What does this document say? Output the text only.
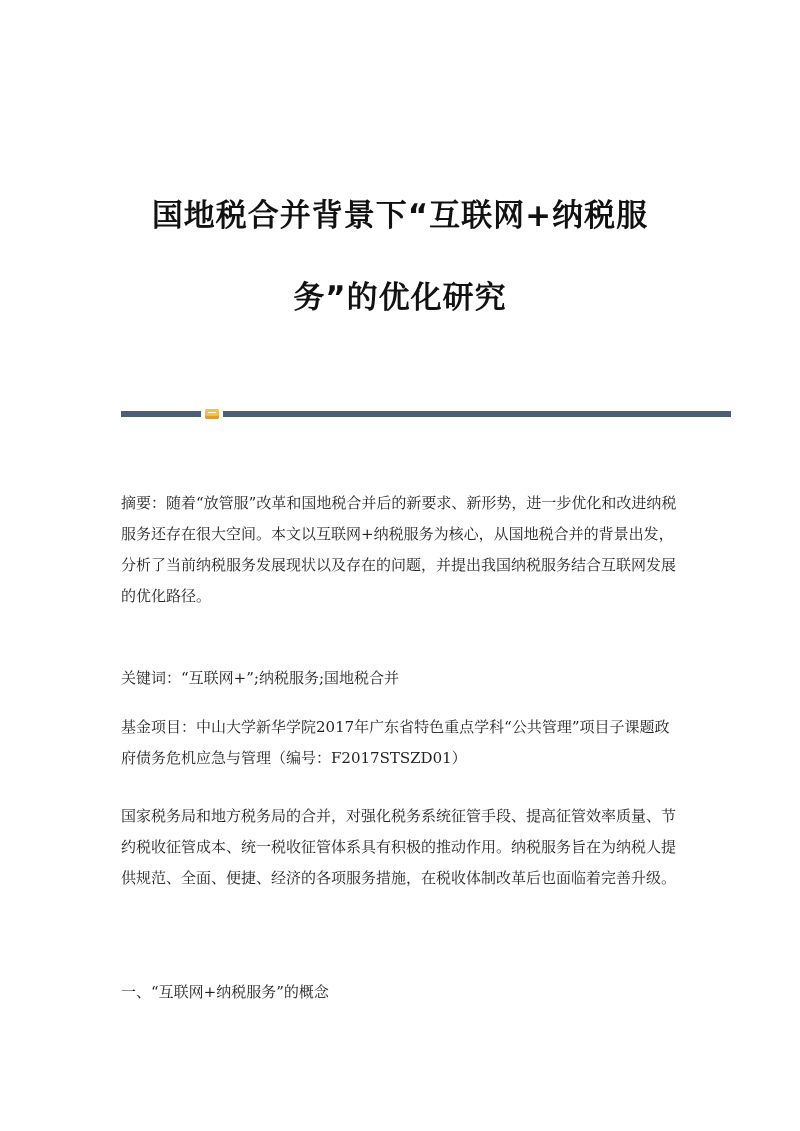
国地税合并背景下“互联网+纳税服
务”的优化研究

摘要：随着“放管服”改革和国地税合并后的新要求、新形势，进一步优化和改进纳税服务还存在很大空间。本文以互联网+纳税服务为核心，从国地税合并的背景出发，分析了当前纳税服务发展现状以及存在的问题，并提出我国纳税服务结合互联网发展的优化路径。

关键词：“互联网+”;纳税服务;国地税合并

基金项目：中山大学新华学院2017年广东省特色重点学科“公共管理”项目子课题政府债务危机应急与管理（编号：F2017STSZD01）

国家税务局和地方税务局的合并，对强化税务系统征管手段、提高征管效率质量、节约税收征管成本、统一税收征管体系具有积极的推动作用。纳税服务旨在为纳税人提供规范、全面、便捷、经济的各项服务措施，在税收体制改革后也面临着完善升级。

一、“互联网+纳税服务”的概念
